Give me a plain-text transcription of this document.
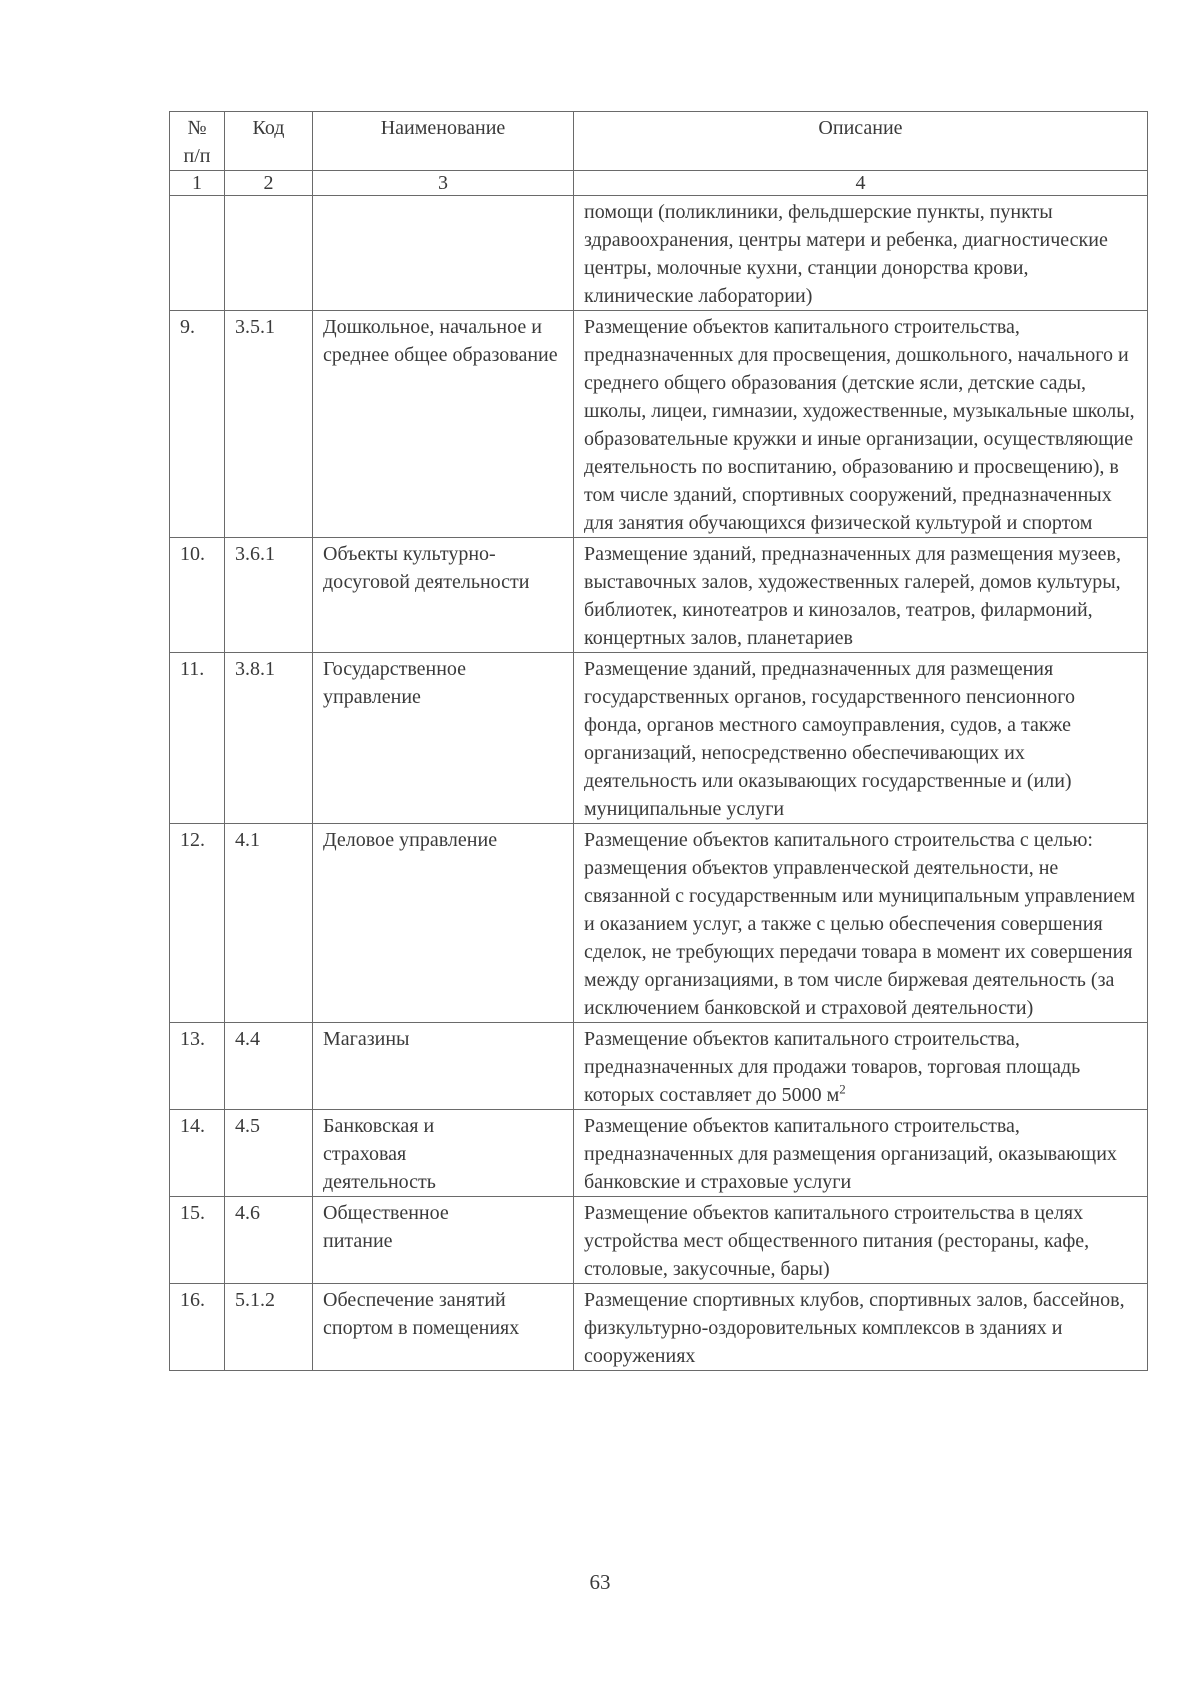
№
п/п	Код	Наименование	Описание
1	2	3	4
			помощи (поликлиники, фельдшерские пункты, пункты здравоохранения, центры матери и ребенка, диагностические центры, молочные кухни, станции донорства крови, клинические лаборатории)
9.	3.5.1	Дошкольное, начальное и среднее общее образование	Размещение объектов капитального строительства, предназначенных для просвещения, дошкольного, начального и среднего общего образования (детские ясли, детские сады, школы, лицеи, гимназии, художественные, музыкальные школы, образовательные кружки и иные организации, осуществляющие деятельность по воспитанию, образованию и просвещению), в том числе зданий, спортивных сооружений, предназначенных для занятия обучающихся физической культурой и спортом
10.	3.6.1	Объекты культурно-досуговой деятельности	Размещение зданий, предназначенных для размещения музеев, выставочных залов, художественных галерей, домов культуры, библиотек, кинотеатров и кинозалов, театров, филармоний, концертных залов, планетариев
11.	3.8.1	Государственное управление	Размещение зданий, предназначенных для размещения государственных органов, государственного пенсионного фонда, органов местного самоуправления, судов, а также организаций, непосредственно обеспечивающих их деятельность или оказывающих государственные и (или) муниципальные услуги
12.	4.1	Деловое управление	Размещение объектов капитального строительства с целью: размещения объектов управленческой деятельности, не связанной с государственным или муниципальным управлением и оказанием услуг, а также с целью обеспечения совершения сделок, не требующих передачи товара в момент их совершения между организациями, в том числе биржевая деятельность (за исключением банковской и страховой деятельности)
13.	4.4	Магазины	Размещение объектов капитального строительства, предназначенных для продажи товаров, торговая площадь которых составляет до 5000 $м^2$
14.	4.5	Банковская и страховая деятельность	Размещение объектов капитального строительства, предназначенных для размещения организаций, оказывающих банковские и страховые услуги
15.	4.6	Общественное питание	Размещение объектов капитального строительства в целях устройства мест общественного питания (рестораны, кафе, столовые, закусочные, бары)
16.	5.1.2	Обеспечение занятий спортом в помещениях	Размещение спортивных клубов, спортивных залов, бассейнов, физкультурно-оздоровительных комплексов в зданиях и сооружениях
63
